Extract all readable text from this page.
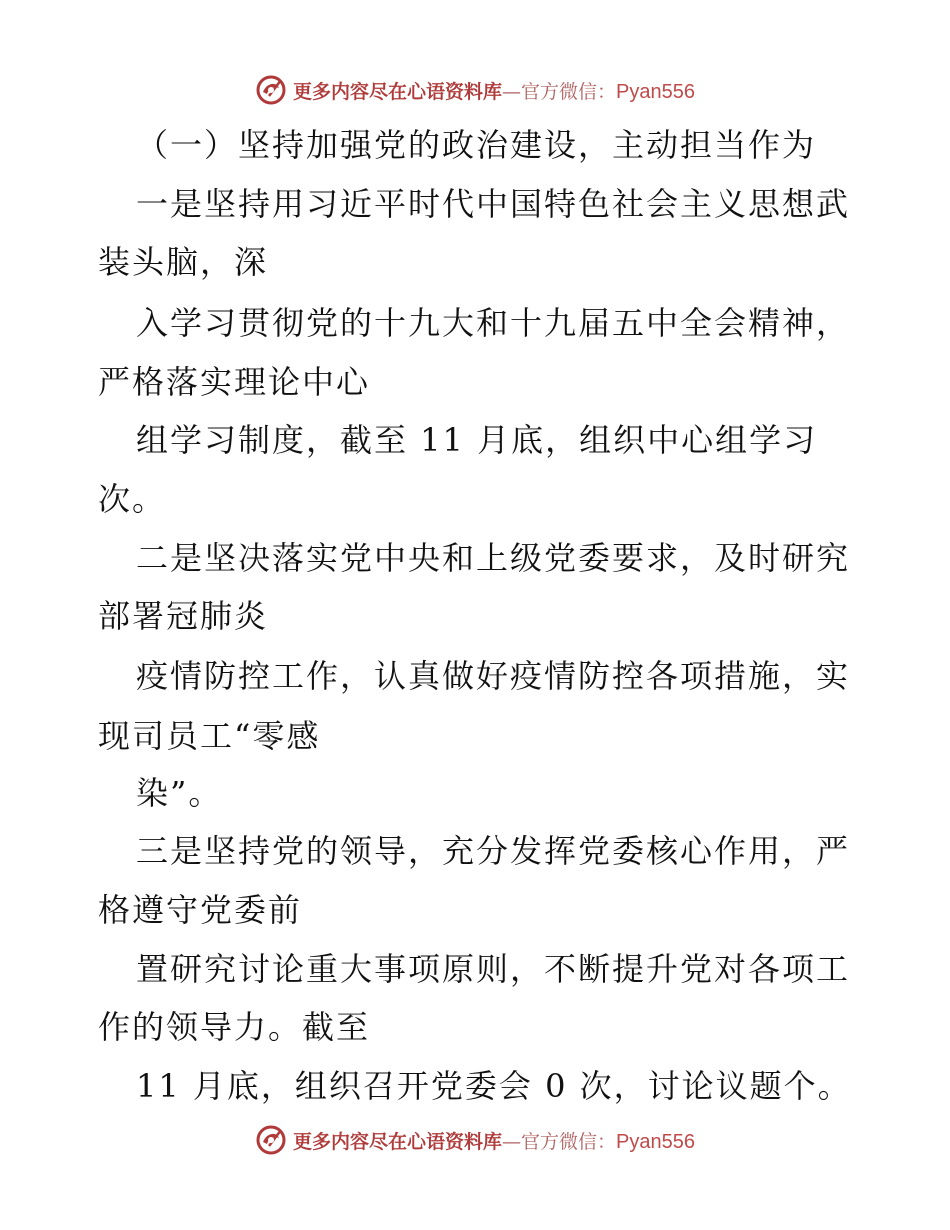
更多内容尽在心语资料库 — 官方微信： Pyan556
（一）坚持加强党的政治建设，主动担当作为
一是坚持用习近平时代中国特色社会主义思想武
装头脑，深
入学习贯彻党的十九大和十九届五中全会精神，
严格落实理论中心
组学习制度，截至 11 月底，组织中心组学习
次。
二是坚决落实党中央和上级党委要求，及时研究
部署冠肺炎
疫情防控工作，认真做好疫情防控各项措施，实
现司员工“零感
染”。
三是坚持党的领导，充分发挥党委核心作用，严
格遵守党委前
置研究讨论重大事项原则，不断提升党对各项工
作的领导力。截至
11 月底，组织召开党委会 0 次，讨论议题个。
更多内容尽在心语资料库 — 官方微信： Pyan556
